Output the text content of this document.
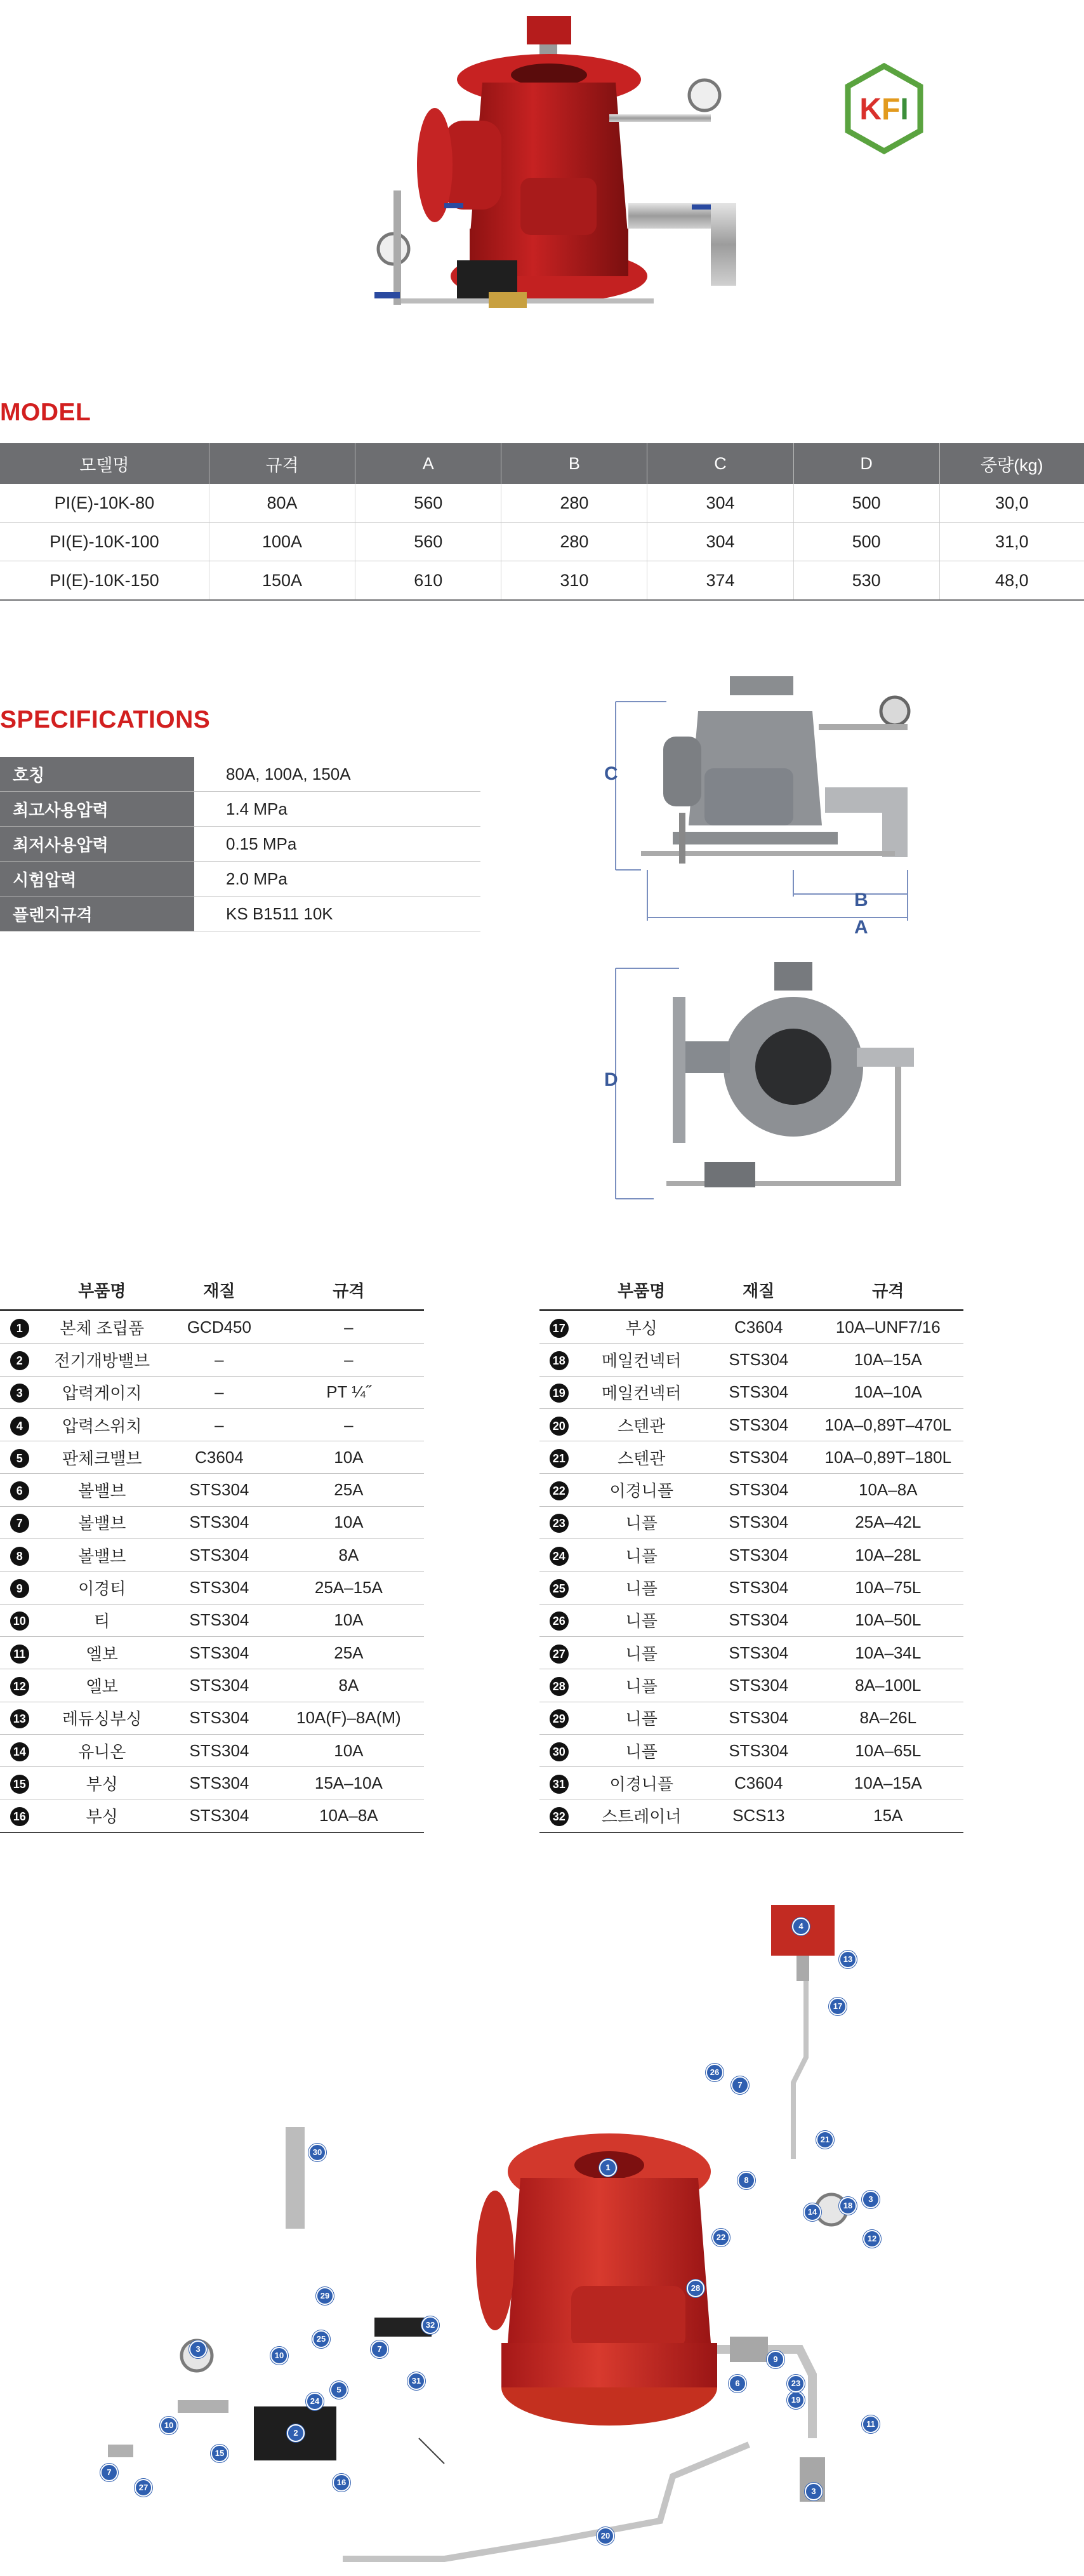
KFI
MODEL
모델명	규격	A	B	C	D	중량(kg)
PI(E)-10K-80	80A	560	280	304	500	30,0
PI(E)-10K-100	100A	560	280	304	500	31,0
PI(E)-10K-150	150A	610	310	374	530	48,0
SPECIFICATIONS
호칭	80A, 100A, 150A
최고사용압력	1.4 MPa
최저사용압력	0.15 MPa
시험압력	2.0 MPa
플렌지규격	KS B1511 10K
C
B
A
D
	부품명	재질	규격
1	본체 조립품	GCD450	–
2	전기개방밸브	–	–
3	압력게이지	–	PT ¼˝
4	압력스위치	–	–
5	판체크밸브	C3604	10A
6	볼밸브	STS304	25A
7	볼밸브	STS304	10A
8	볼밸브	STS304	8A
9	이경티	STS304	25A–15A
10	티	STS304	10A
11	엘보	STS304	25A
12	엘보	STS304	8A
13	레듀싱부싱	STS304	10A(F)–8A(M)
14	유니온	STS304	10A
15	부싱	STS304	15A–10A
16	부싱	STS304	10A–8A
	부품명	재질	규격
17	부싱	C3604	10A–UNF7/16
18	메일컨넥터	STS304	10A–15A
19	메일컨넥터	STS304	10A–10A
20	스텐관	STS304	10A–0,89T–470L
21	스텐관	STS304	10A–0,89T–180L
22	이경니플	STS304	10A–8A
23	니플	STS304	25A–42L
24	니플	STS304	10A–28L
25	니플	STS304	10A–75L
26	니플	STS304	10A–50L
27	니플	STS304	10A–34L
28	니플	STS304	8A–100L
29	니플	STS304	8A–26L
30	니플	STS304	10A–65L
31	이경니플	C3604	10A–15A
32	스트레이너	SCS13	15A
1
2
3
3
3
4
5
6
7
7
7
8
9
10
10
11
12
13
14
15
16
17
18
19
20
21
22
23
24
25
26
27
28
29
30
31
32
